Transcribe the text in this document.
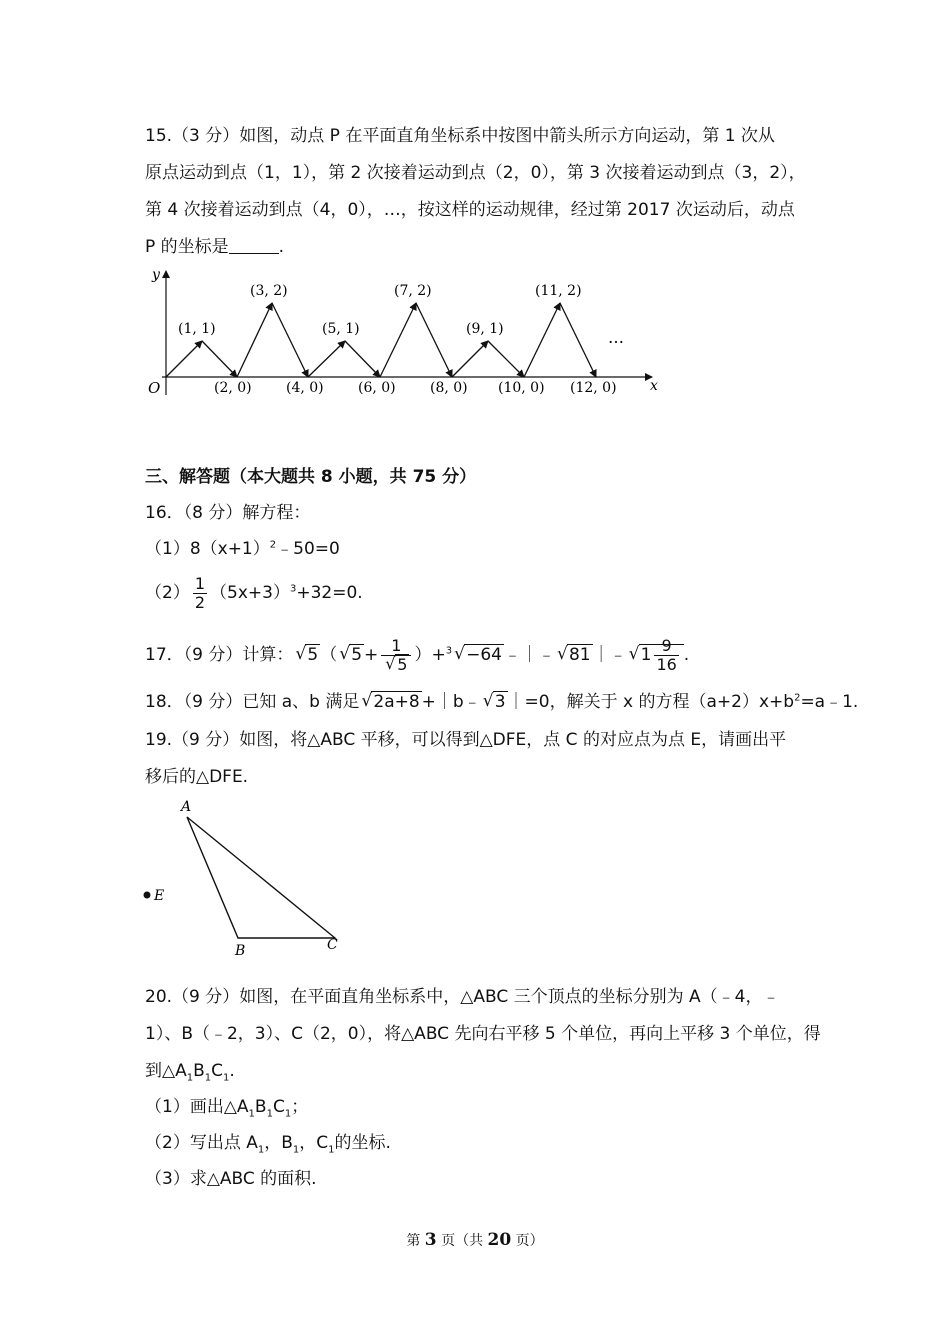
15.（3 分）如图，动点 P 在平面直角坐标系中按图中箭头所示方向运动，第 1 次从
原点运动到点（1，1），第 2 次接着运动到点（2，0），第 3 次接着运动到点（3，2），
第 4 次接着运动到点（4，0），…，按这样的运动规律，经过第 2017 次运动后，动点
P 的坐标是	.
y
x
O
(1, 1)
(3, 2)
(5, 1)
(7, 2)
(9, 1)
(11, 2)
(2, 0) (4, 0) (6, 0) (8, 0) (10, 0) (12, 0)
…
三、解答题（本大题共 8 小题，共 75 分）
16．（8 分）解方程：
$(1)8(x+1)^2﹣50=0$
$(2) \frac{1}{2} (5x+3)^3+32=0$.
17．（9 分）计算： √ 5 （ √ 5 + 1
√ 5 ）+$^3$ √ −64 ﹣｜﹣ √ 81 ｜﹣ √ $1 \frac{9}{16}$ .
18．（9 分）已知 a、b 满足 √ 2a+8 +｜b﹣ √ 3 ｜=0，解关于 x 的方程$(a+2)x+b^2=a﹣1$.
19.（9 分）如图，将△ABC 平移，可以得到△DFE，点 C 的对应点为点 E，请画出平
移后的△DFE.
A
B	C
E
20.（9 分）如图，在平面直角坐标系中，△ABC 三个顶点的坐标分别为 A（﹣4，﹣
1）、B（﹣2，3）、C（2，0），将△ABC 先向右平移 5 个单位，再向上平移 3 个单位，得
到$\triangle A_1B_1C_1$.
（1）画出$\triangle A_1B_1C_1$；
（2）写出点 $A_1$，$B_1$，$C_1$的坐标.
（3）求△ABC 的面积.
第 3 页（共 20 页）
